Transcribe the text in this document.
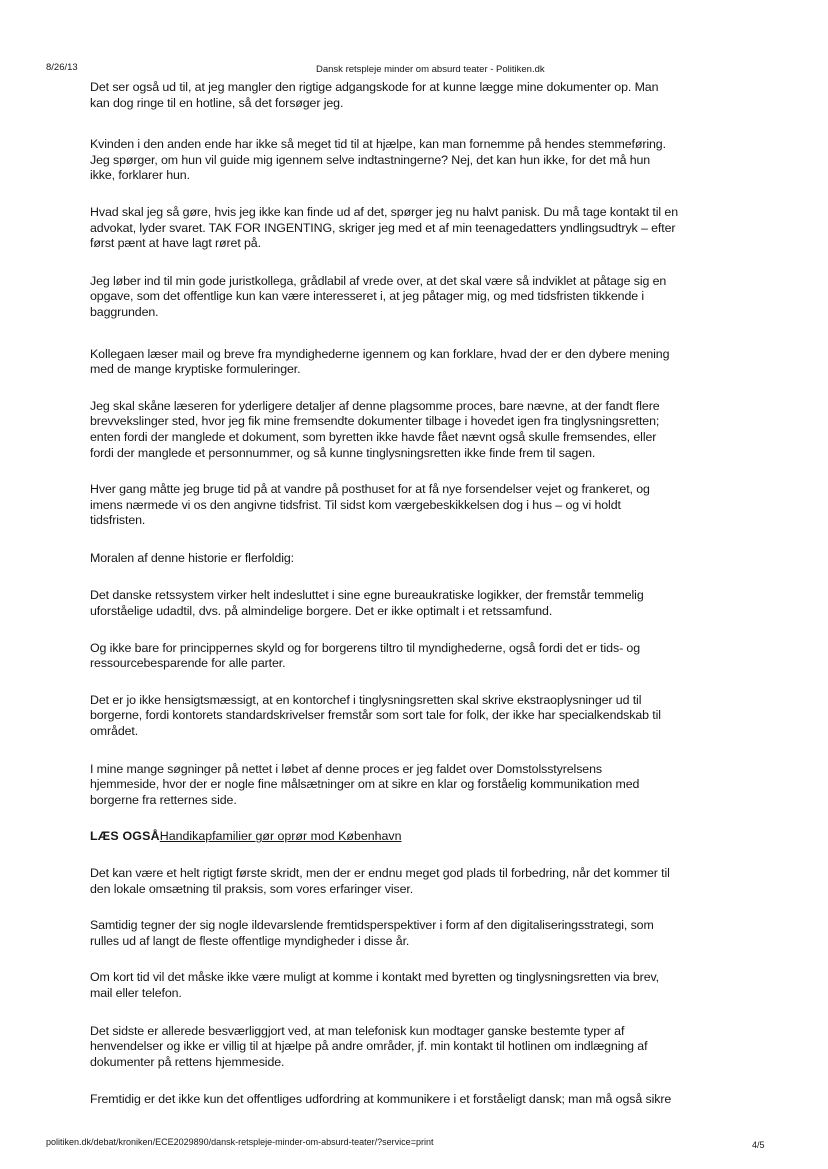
8/26/13	Dansk retspleje minder om absurd teater - Politiken.dk

Det ser også ud til, at jeg mangler den rigtige adgangskode for at kunne lægge mine dokumenter op. Man
kan dog ringe til en hotline, så det forsøger jeg.

Kvinden i den anden ende har ikke så meget tid til at hjælpe, kan man fornemme på hendes stemmeføring.
Jeg spørger, om hun vil guide mig igennem selve indtastningerne? Nej, det kan hun ikke, for det må hun
ikke, forklarer hun.

Hvad skal jeg så gøre, hvis jeg ikke kan finde ud af det, spørger jeg nu halvt panisk. Du må tage kontakt til en
advokat, lyder svaret. TAK FOR INGENTING, skriger jeg med et af min teenagedatters yndlingsudtryk – efter
først pænt at have lagt røret på.

Jeg løber ind til min gode juristkollega, grådlabil af vrede over, at det skal være så indviklet at påtage sig en
opgave, som det offentlige kun kan være interesseret i, at jeg påtager mig, og med tidsfristen tikkende i
baggrunden.

Kollegaen læser mail og breve fra myndighederne igennem og kan forklare, hvad der er den dybere mening
med de mange kryptiske formuleringer.

Jeg skal skåne læseren for yderligere detaljer af denne plagsomme proces, bare nævne, at der fandt flere
brevvekslinger sted, hvor jeg fik mine fremsendte dokumenter tilbage i hovedet igen fra tinglysningsretten;
enten fordi der manglede et dokument, som byretten ikke havde fået nævnt også skulle fremsendes, eller
fordi der manglede et personnummer, og så kunne tinglysningsretten ikke finde frem til sagen.

Hver gang måtte jeg bruge tid på at vandre på posthuset for at få nye forsendelser vejet og frankeret, og
imens nærmede vi os den angivne tidsfrist. Til sidst kom værgebeskikkelsen dog i hus – og vi holdt
tidsfristen.

Moralen af denne historie er flerfoldig:

Det danske retssystem virker helt indesluttet i sine egne bureaukratiske logikker, der fremstår temmelig
uforståelige udadtil, dvs. på almindelige borgere. Det er ikke optimalt i et retssamfund.

Og ikke bare for princippernes skyld og for borgerens tiltro til myndighederne, også fordi det er tids- og
ressourcebesparende for alle parter.

Det er jo ikke hensigtsmæssigt, at en kontorchef i tinglysningsretten skal skrive ekstraoplysninger ud til
borgerne, fordi kontorets standardskrivelser fremstår som sort tale for folk, der ikke har specialkendskab til
området.

I mine mange søgninger på nettet i løbet af denne proces er jeg faldet over Domstolsstyrelsens
hjemmeside, hvor der er nogle fine målsætninger om at sikre en klar og forståelig kommunikation med
borgerne fra retternes side.

LÆS OGSÅHandikapfamilier gør oprør mod København

Det kan være et helt rigtigt første skridt, men der er endnu meget god plads til forbedring, når det kommer til
den lokale omsætning til praksis, som vores erfaringer viser.

Samtidig tegner der sig nogle ildevarslende fremtidsperspektiver i form af den digitaliseringsstrategi, som
rulles ud af langt de fleste offentlige myndigheder i disse år.

Om kort tid vil det måske ikke være muligt at komme i kontakt med byretten og tinglysningsretten via brev,
mail eller telefon.

Det sidste er allerede besværliggjort ved, at man telefonisk kun modtager ganske bestemte typer af
henvendelser og ikke er villig til at hjælpe på andre områder, jf. min kontakt til hotlinen om indlægning af
dokumenter på rettens hjemmeside.

Fremtidig er det ikke kun det offentliges udfordring at kommunikere i et forståeligt dansk; man må også sikre

politiken.dk/debat/kroniken/ECE2029890/dansk-retspleje-minder-om-absurd-teater/?service=print	4/5
